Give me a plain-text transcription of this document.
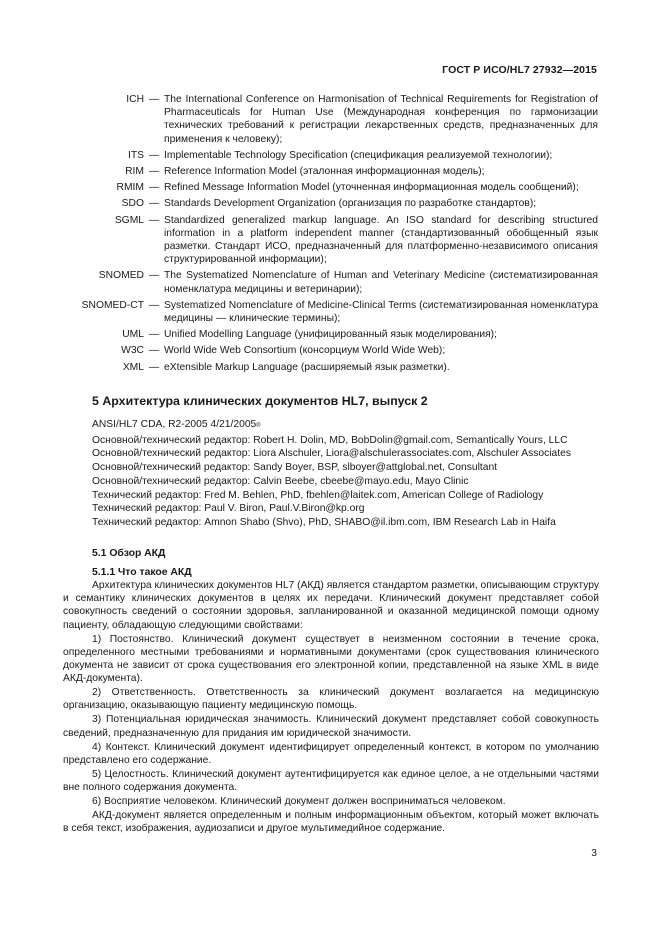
ГОСТ Р ИСО/HL7 27932—2015
ICH — The International Conference on Harmonisation of Technical Requirements for Registration of Pharmaceuticals for Human Use (Международная конференция по гармонизации технических требований к регистрации лекарственных средств, предназначенных для применения к человеку);
ITS — Implementable Technology Specification (спецификация реализуемой технологии);
RIM — Reference Information Model (эталонная информационная модель);
RMIM — Refined Message Information Model (уточненная информационная модель сообщений);
SDO — Standards Development Organization (организация по разработке стандартов);
SGML — Standardized generalized markup language. An ISO standard for describing structured information in a platform independent manner (стандартизованный обобщенный язык разметки. Стандарт ИСО, предназначенный для платформенно-независимого описания структурированной информации);
SNOMED — The Systematized Nomenclature of Human and Veterinary Medicine (систематизированная номенклатура медицины и ветеринарии);
SNOMED-CT — Systematized Nomenclature of Medicine-Clinical Terms (систематизированная номенклатура медицины — клинические термины);
UML — Unified Modelling Language (унифицированный язык моделирования);
W3C — World Wide Web Consortium (консорциум World Wide Web);
XML — eXtensible Markup Language (расширяемый язык разметки).
5 Архитектура клинических документов HL7, выпуск 2

ANSI/HL7 CDA, R2-2005 4/21/2005®

Основной/технический редактор: Robert H. Dolin, MD, BobDolin@gmail.com, Semantically Yours, LLC

Основной/технический редактор: Liora Alschuler, Liora@alschulerassociates.com, Alschuler Associates

Основной/технический редактор: Sandy Boyer, BSP, slboyer@attglobal.net, Consultant

Основной/технический редактор: Calvin Beebe, cbeebe@mayo.edu, Mayo Clinic

Технический редактор: Fred M. Behlen, PhD, fbehlen@laitek.com, American College of Radiology

Технический редактор: Paul V. Biron, Paul.V.Biron@kp.org

Технический редактор: Amnon Shabo (Shvo), PhD, SHABO@il.ibm.com, IBM Research Lab in Haifa

5.1 Обзор АКД
5.1.1 Что такое АКД

Архитектура клинических документов HL7 (АКД) является стандартом разметки, описывающим структуру и семантику клинических документов в целях их передачи. Клинический документ представляет собой совокупность сведений о состоянии здоровья, запланированной и оказанной медицинской помощи одному пациенту, обладающую следующими свойствами:

1) Постоянство. Клинический документ существует в неизменном состоянии в течение срока, определенного местными требованиями и нормативными документами (срок существования клинического документа не зависит от срока существования его электронной копии, представленной на языке XML в виде АКД-документа).

2) Ответственность. Ответственность за клинический документ возлагается на медицинскую организацию, оказывающую пациенту медицинскую помощь.

3) Потенциальная юридическая значимость. Клинический документ представляет собой совокупность сведений, предназначенную для придания им юридической значимости.

4) Контекст. Клинический документ идентифицирует определенный контекст, в котором по умолчанию представлено его содержание.

5) Целостность. Клинический документ аутентифицируется как единое целое, а не отдельными частями вне полного содержания документа.

6) Восприятие человеком. Клинический документ должен восприниматься человеком.

АКД-документ является определенным и полным информационным объектом, который может включать в себя текст, изображения, аудиозаписи и другое мультимедийное содержание.

3
